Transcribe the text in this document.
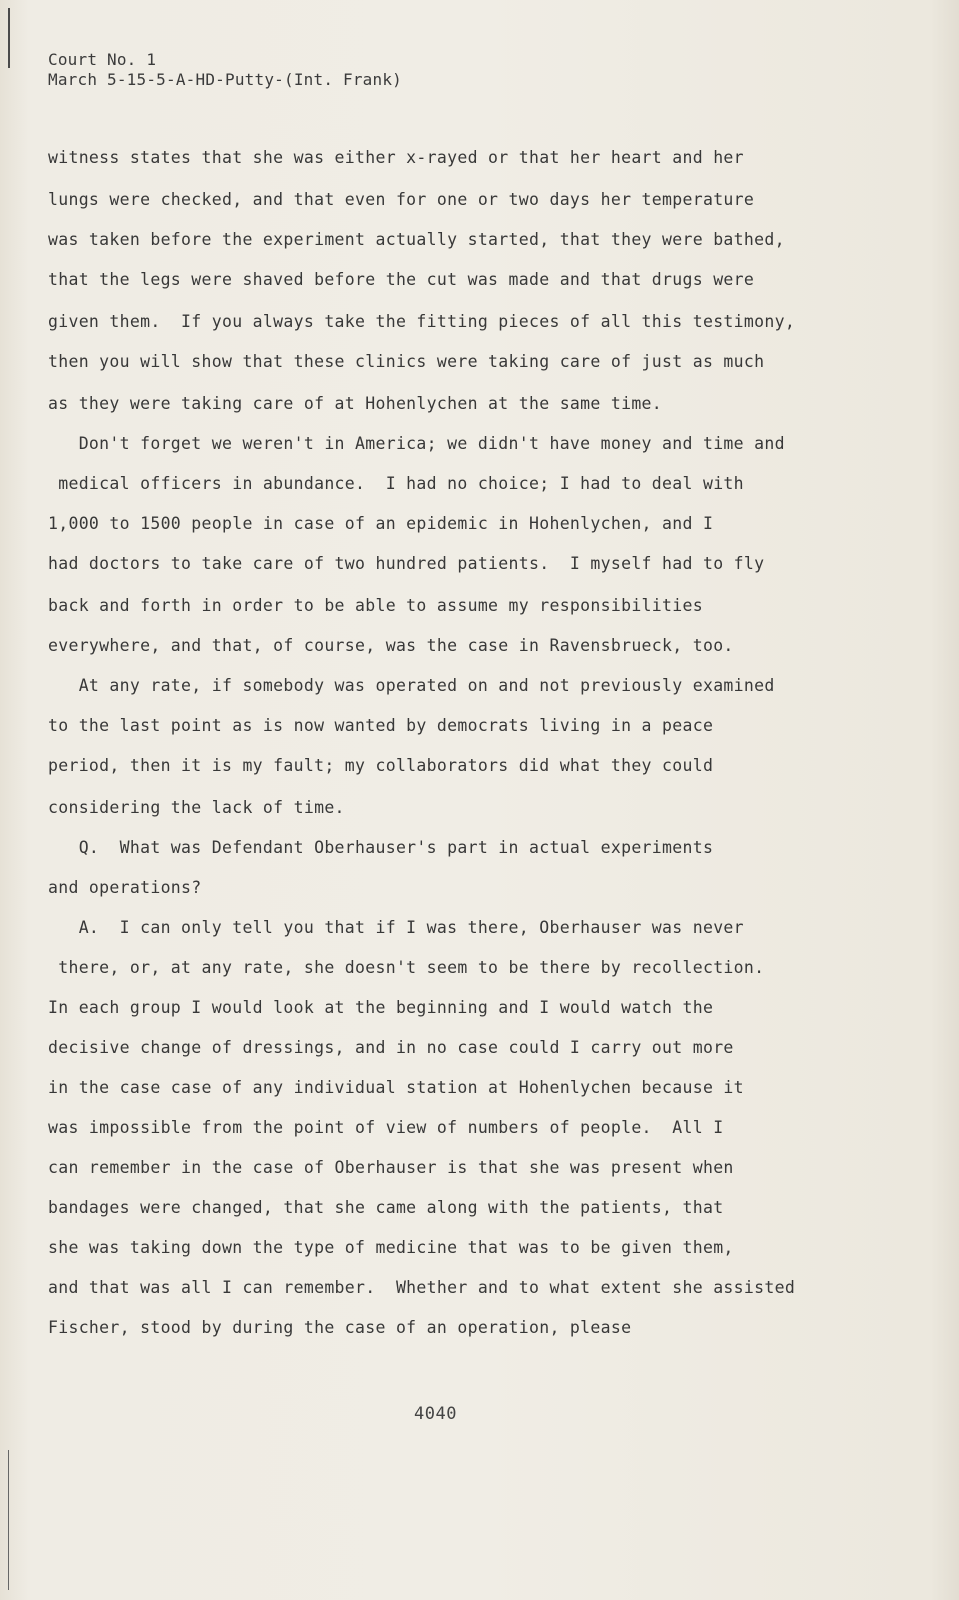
Court No. 1
March 5-15-5-A-HD-Putty-(Int. Frank)
witness states that she was either x-rayed or that her heart and her
lungs were checked, and that even for one or two days her temperature
was taken before the experiment actually started, that they were bathed,
that the legs were shaved before the cut was made and that drugs were
given them.  If you always take the fitting pieces of all this testimony,
then you will show that these clinics were taking care of just as much
as they were taking care of at Hohenlychen at the same time.
Don't forget we weren't in America; we didn't have money and time and
medical officers in abundance.  I had no choice; I had to deal with
1,000 to 1500 people in case of an epidemic in Hohenlychen, and I
had doctors to take care of two hundred patients.  I myself had to fly
back and forth in order to be able to assume my responsibilities
everywhere, and that, of course, was the case in Ravensbrueck, too.
At any rate, if somebody was operated on and not previously examined
to the last point as is now wanted by democrats living in a peace
period, then it is my fault; my collaborators did what they could
considering the lack of time.
Q.  What was Defendant Oberhauser's part in actual experiments
and operations?
A.  I can only tell you that if I was there, Oberhauser was never
there, or, at any rate, she doesn't seem to be there by recollection.
In each group I would look at the beginning and I would watch the
decisive change of dressings, and in no case could I carry out more
in the case case of any individual station at Hohenlychen because it
was impossible from the point of view of numbers of people.  All I
can remember in the case of Oberhauser is that she was present when
bandages were changed, that she came along with the patients, that
she was taking down the type of medicine that was to be given them,
and that was all I can remember.  Whether and to what extent she assisted
Fischer, stood by during the case of an operation, please
4040
